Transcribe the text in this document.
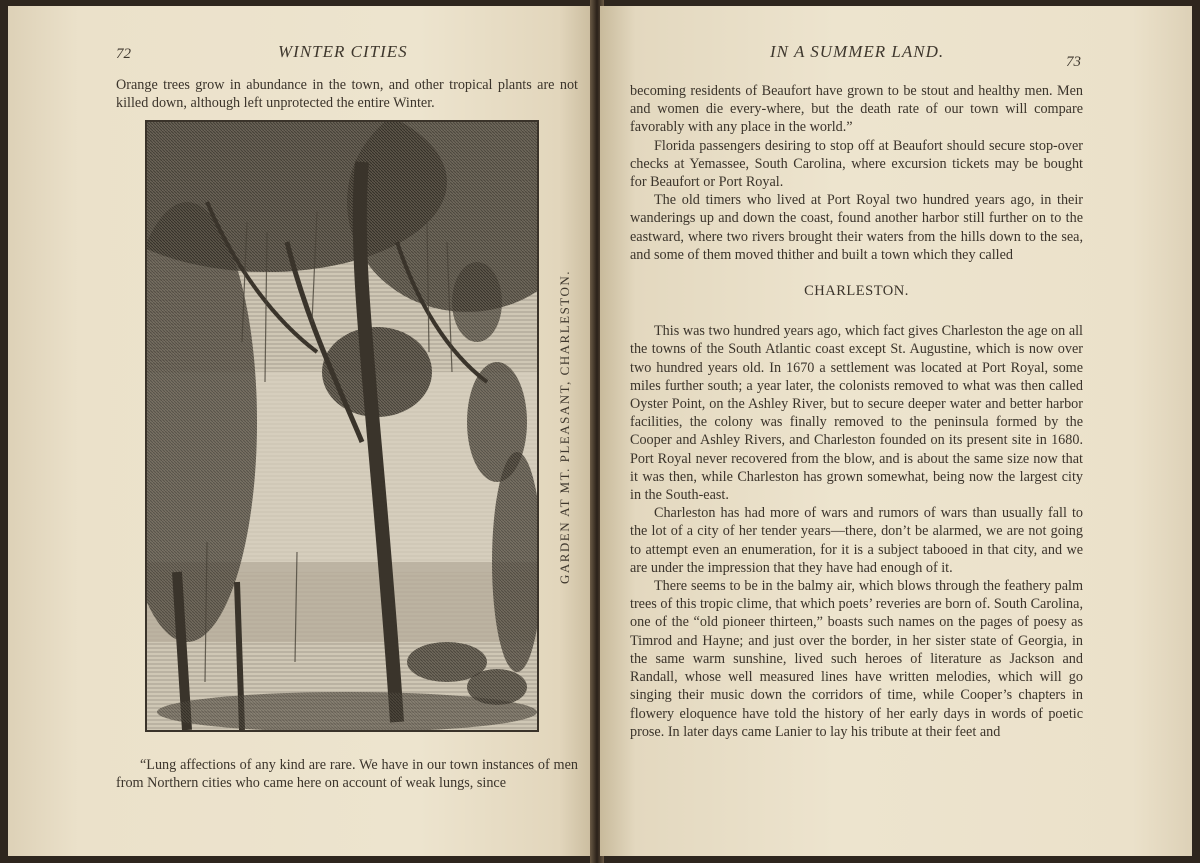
72	WINTER CITIES

Orange trees grow in abundance in the town, and other tropical plants are not killed down, although left unprotected the entire Winter.

GARDEN AT MT. PLEASANT, CHARLESTON.

“Lung affections of any kind are rare. We have in our town instances of men from Northern cities who came here on account of weak lungs, since

IN A SUMMER LAND.
73

becoming residents of Beaufort have grown to be stout and healthy men. Men and women die every-where, but the death rate of our town will compare favorably with any place in the world.”

Florida passengers desiring to stop off at Beaufort should secure stop-over checks at Yemassee, South Carolina, where excursion tickets may be bought for Beaufort or Port Royal.

The old timers who lived at Port Royal two hundred years ago, in their wanderings up and down the coast, found another harbor still further on to the eastward, where two rivers brought their waters from the hills down to the sea, and some of them moved thither and built a town which they called

CHARLESTON.

This was two hundred years ago, which fact gives Charleston the age on all the towns of the South Atlantic coast except St. Augustine, which is now over two hundred years old. In 1670 a settlement was located at Port Royal, some miles further south; a year later, the colonists removed to what was then called Oyster Point, on the Ashley River, but to secure deeper water and better harbor facilities, the colony was finally removed to the peninsula formed by the Cooper and Ashley Rivers, and Charleston founded on its present site in 1680. Port Royal never recovered from the blow, and is about the same size now that it was then, while Charleston has grown somewhat, being now the largest city in the South-east.

Charleston has had more of wars and rumors of wars than usually fall to the lot of a city of her tender years—there, don’t be alarmed, we are not going to attempt even an enumeration, for it is a subject tabooed in that city, and we are under the impression that they have had enough of it.

There seems to be in the balmy air, which blows through the feathery palm trees of this tropic clime, that which poets’ reveries are born of. South Carolina, one of the “old pioneer thirteen,” boasts such names on the pages of poesy as Timrod and Hayne; and just over the border, in her sister state of Georgia, in the same warm sunshine, lived such heroes of literature as Jackson and Randall, whose well measured lines have written melodies, which will go singing their music down the corridors of time, while Cooper’s chapters in flowery eloquence have told the history of her early days in words of poetic prose. In later days came Lanier to lay his tribute at their feet and
